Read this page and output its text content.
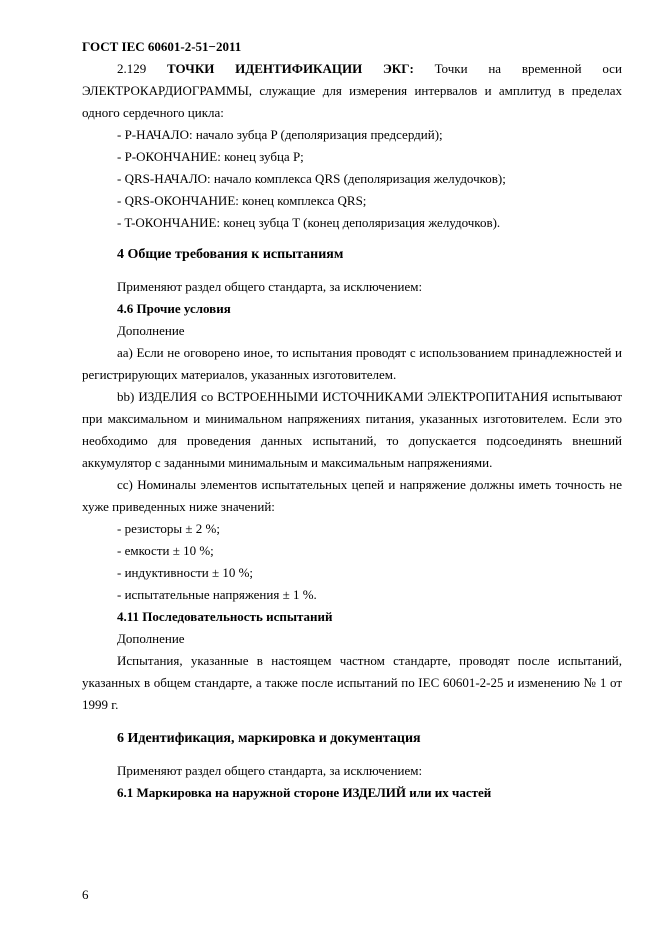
ГОСТ IEC 60601-2-51−2011
2.129 ТОЧКИ ИДЕНТИФИКАЦИИ ЭКГ: Точки на временной оси

ЭЛЕКТРОКАРДИОГРАММЫ, служащие для измерения интервалов и амплитуд в пределах одного сердечного цикла:

- P-НАЧАЛО: начало зубца P (деполяризация предсердий);

- P-ОКОНЧАНИЕ: конец зубца P;

- QRS-НАЧАЛО: начало комплекса QRS (деполяризация желудочков);

- QRS-ОКОНЧАНИЕ: конец комплекса QRS;

- T-ОКОНЧАНИЕ: конец зубца T (конец деполяризация желудочков).

4 Общие требования к испытаниям

Применяют раздел общего стандарта, за исключением:

4.6 Прочие условия

Дополнение

аа) Если не оговорено иное, то испытания проводят с использованием принадлежностей и регистрирующих материалов, указанных изготовителем.

bb) ИЗДЕЛИЯ со ВСТРОЕННЫМИ ИСТОЧНИКАМИ ЭЛЕКТРОПИТАНИЯ испытывают при максимальном и минимальном напряжениях питания, указанных изготовителем. Если это необходимо для проведения данных испытаний, то допускается подсоединять внешний аккумулятор с заданными минимальным и максимальным напряжениями.

сс) Номиналы элементов испытательных цепей и напряжение должны иметь точность не хуже приведенных ниже значений:

- резисторы ± 2 %;

- емкости ± 10 %;

- индуктивности ± 10 %;

- испытательные напряжения ± 1 %.

4.11 Последовательность испытаний

Дополнение

Испытания, указанные в настоящем частном стандарте, проводят после испытаний, указанных в общем стандарте, а также после испытаний по IEC 60601-2-25 и изменению № 1 от 1999 г.

6 Идентификация, маркировка и документация

Применяют раздел общего стандарта, за исключением:

6.1 Маркировка на наружной стороне ИЗДЕЛИЙ или их частей

6
